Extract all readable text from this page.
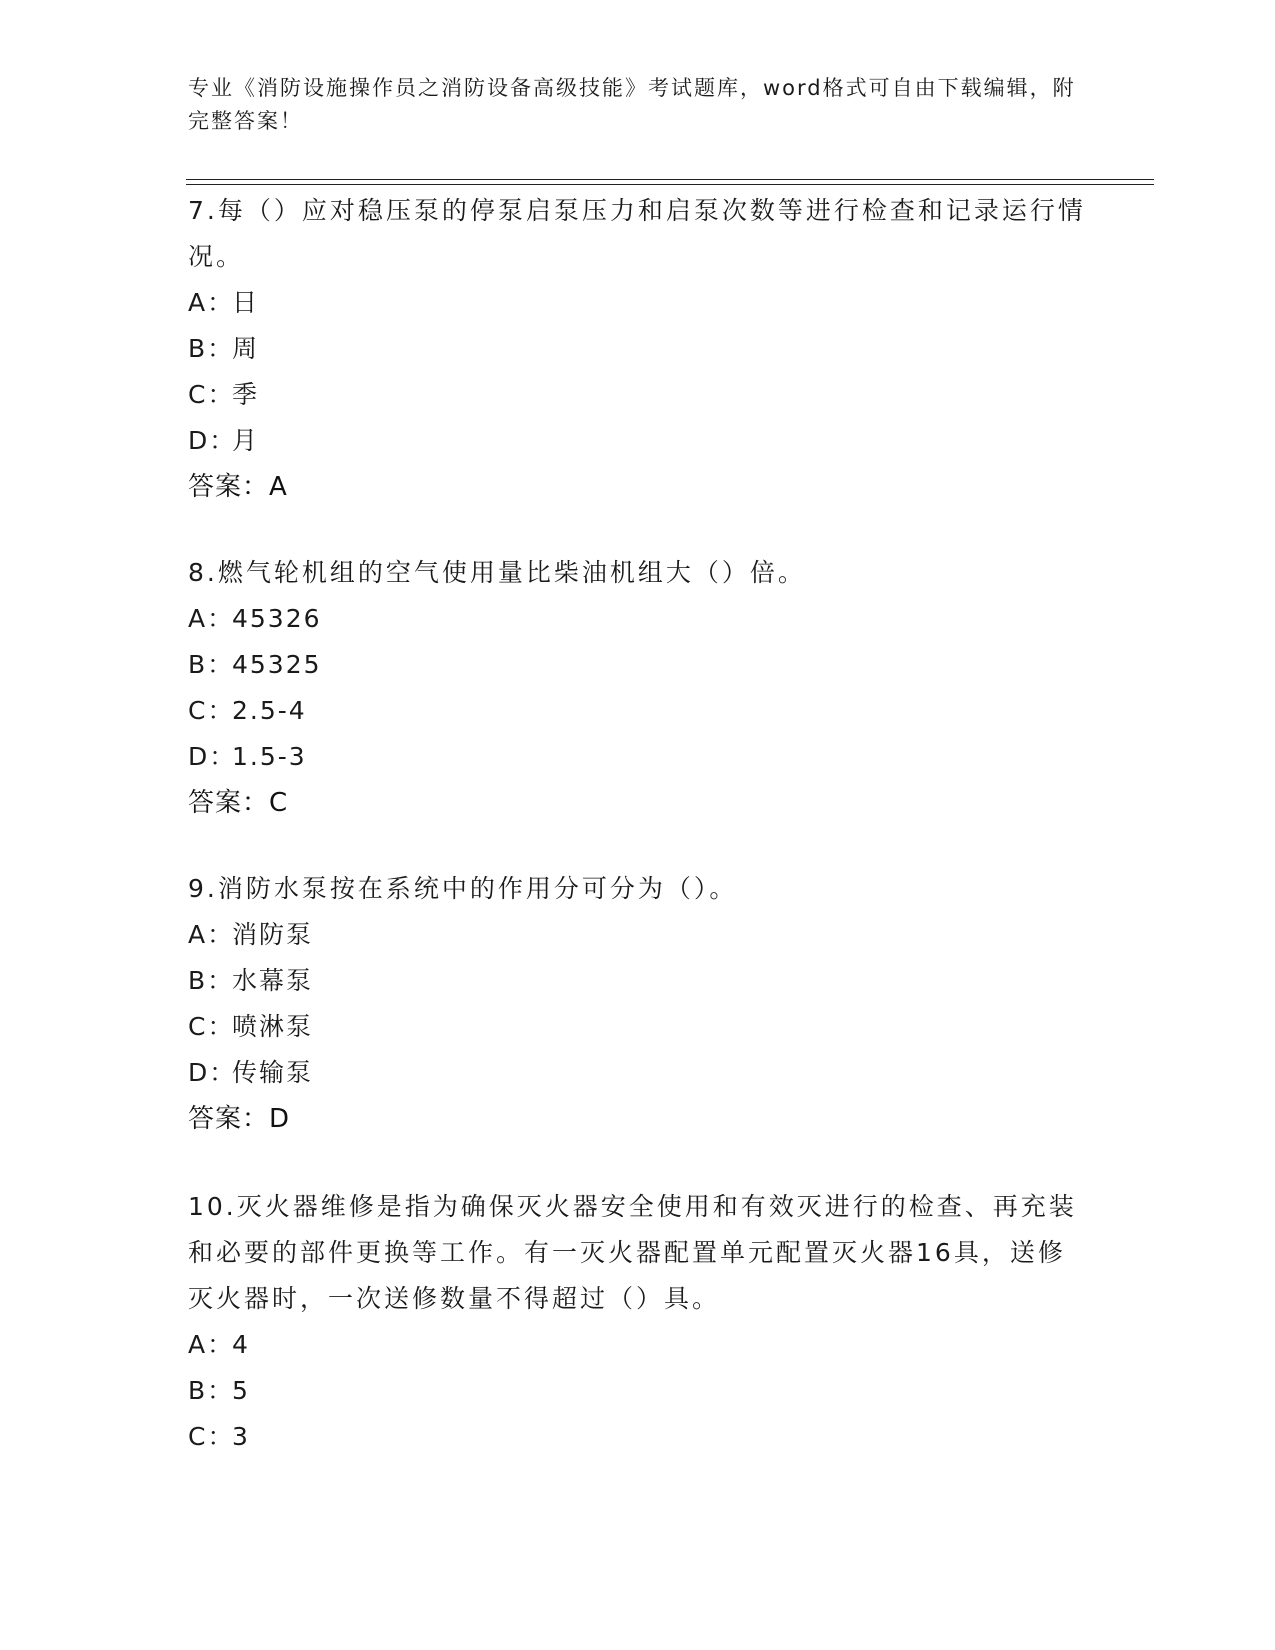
专业《消防设施操作员之消防设备高级技能》考试题库，word格式可自由下载编辑，附完整答案！

7.每（）应对稳压泵的停泵启泵压力和启泵次数等进行检查和记录运行情况。

A：
日
B：
周
C：
季
D：
月
答案：A

8.燃气轮机组的空气使用量比柴油机组大（）倍。

A：
45326
B：
45325
C：
2.5-4
D：
1.5-3
答案：C

9.消防水泵按在系统中的作用分可分为（）。

A：
消防泵
B：
水幕泵
C：
喷淋泵
D：
传输泵
答案：D

10.灭火器维修是指为确保灭火器安全使用和有效灭进行的检查、再充装和必要的部件更换等工作。有一灭火器配置单元配置灭火器16具，送修灭火器时，一次送修数量不得超过（）具。

A：
4
B：
5
C：
3
